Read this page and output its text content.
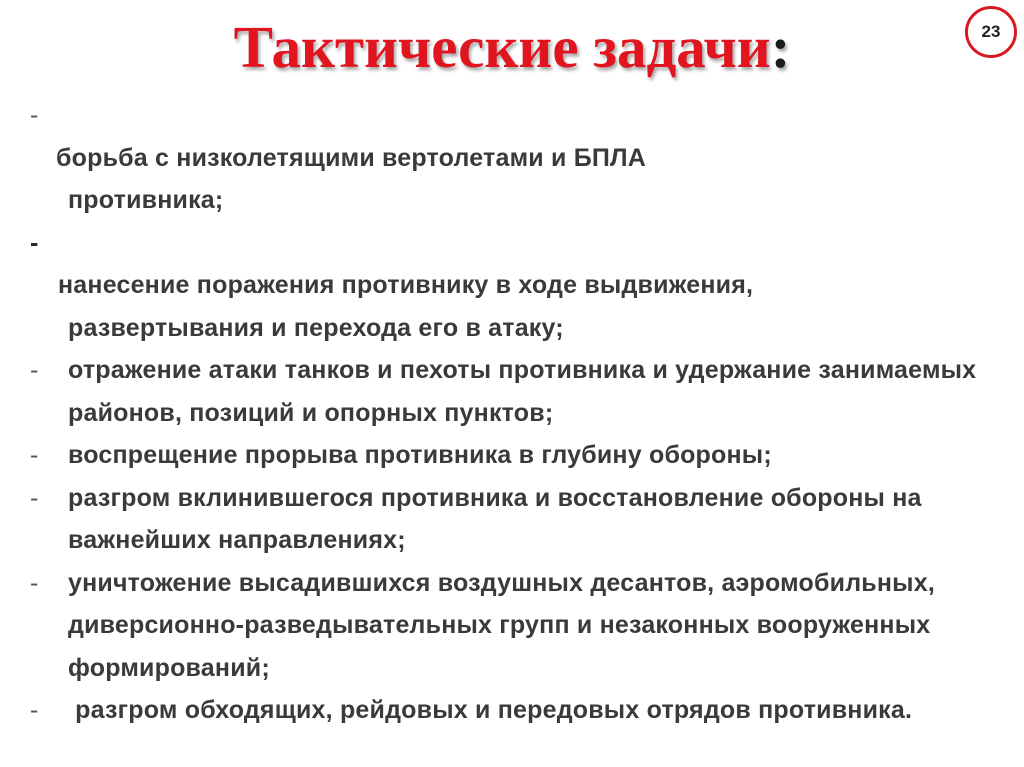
23
Тактические задачи:
-
борьба с низколетящими вертолетами и БПЛА
противника;
-
нанесение поражения противнику в ходе выдвижения,
развертывания и перехода его в атаку;
- отражение атаки танков и пехоты противника и удержание занимаемых районов, позиций и опорных пунктов;
- воспрещение прорыва противника в глубину обороны;
- разгром вклинившегося противника и восстановление обороны на важнейших направлениях;
- уничтожение высадившихся воздушных десантов, аэромобильных, диверсионно-разведывательных групп и незаконных вооруженных формирований;
- разгром обходящих, рейдовых и передовых отрядов противника.
